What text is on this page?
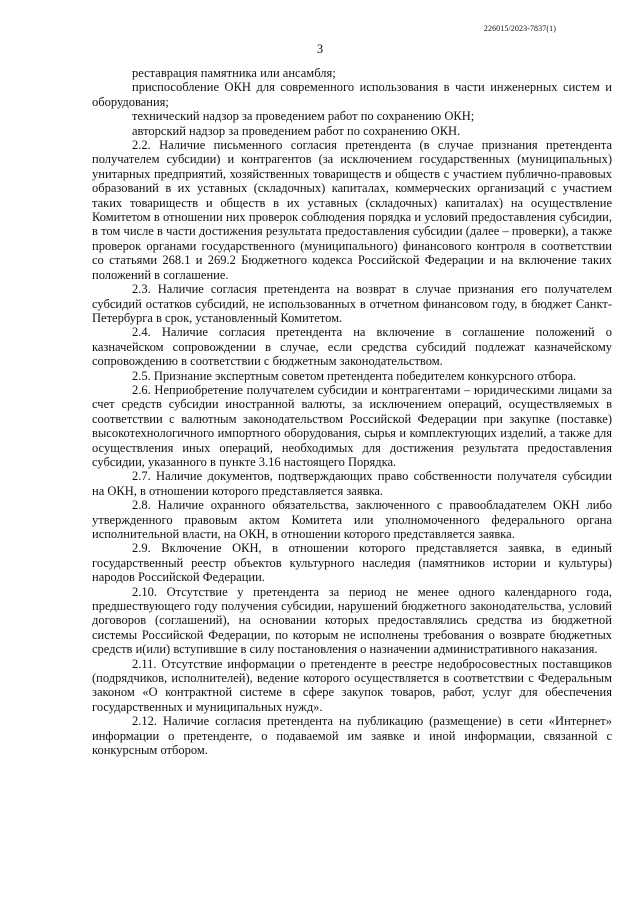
226015/2023-7837(1)
3

реставрация памятника или ансамбля;

приспособление ОКН для современного использования в части инженерных систем и оборудования;

технический надзор за проведением работ по сохранению ОКН;

авторский надзор за проведением работ по сохранению ОКН.

2.2. Наличие письменного согласия претендента (в случае признания претендента получателем субсидии) и контрагентов (за исключением государственных (муниципальных) унитарных предприятий, хозяйственных товариществ и обществ с участием публично-правовых образований в их уставных (складочных) капиталах, коммерческих организаций с участием таких товариществ и обществ в их уставных (складочных) капиталах) на осуществление Комитетом в отношении них проверок соблюдения порядка и условий предоставления субсидии, в том числе в части достижения результата предоставления субсидии (далее – проверки), а также проверок органами государственного (муниципального) финансового контроля в соответствии со статьями 268.1 и 269.2 Бюджетного кодекса Российской Федерации и на включение таких положений в соглашение.

2.3. Наличие согласия претендента на возврат в случае признания его получателем субсидий остатков субсидий, не использованных в отчетном финансовом году, в бюджет Санкт-Петербурга в срок, установленный Комитетом.

2.4. Наличие согласия претендента на включение в соглашение положений о казначейском сопровождении в случае, если средства субсидий подлежат казначейскому сопровождению в соответствии с бюджетным законодательством.

2.5. Признание экспертным советом претендента победителем конкурсного отбора.

2.6. Неприобретение получателем субсидии и контрагентами – юридическими лицами за счет средств субсидии иностранной валюты, за исключением операций, осуществляемых в соответствии с валютным законодательством Российской Федерации при закупке (поставке) высокотехнологичного импортного оборудования, сырья и комплектующих изделий, а также для осуществления иных операций, необходимых для достижения результата предоставления субсидии, указанного в пункте 3.16 настоящего Порядка.

2.7. Наличие документов, подтверждающих право собственности получателя субсидии на ОКН, в отношении которого представляется заявка.

2.8. Наличие охранного обязательства, заключенного с правообладателем ОКН либо утвержденного правовым актом Комитета или уполномоченного федерального органа исполнительной власти, на ОКН, в отношении которого представляется заявка.

2.9. Включение ОКН, в отношении которого представляется заявка, в единый государственный реестр объектов культурного наследия (памятников истории и культуры) народов Российской Федерации.

2.10. Отсутствие у претендента за период не менее одного календарного года, предшествующего году получения субсидии, нарушений бюджетного законодательства, условий договоров (соглашений), на основании которых предоставлялись средства из бюджетной системы Российской Федерации, по которым не исполнены требования о возврате бюджетных средств и(или) вступившие в силу постановления о назначении административного наказания.

2.11. Отсутствие информации о претенденте в реестре недобросовестных поставщиков (подрядчиков, исполнителей), ведение которого осуществляется в соответствии с Федеральным законом «О контрактной системе в сфере закупок товаров, работ, услуг для обеспечения государственных и муниципальных нужд».

2.12. Наличие согласия претендента на публикацию (размещение) в сети «Интернет» информации о претенденте, о подаваемой им заявке и иной информации, связанной с конкурсным отбором.
